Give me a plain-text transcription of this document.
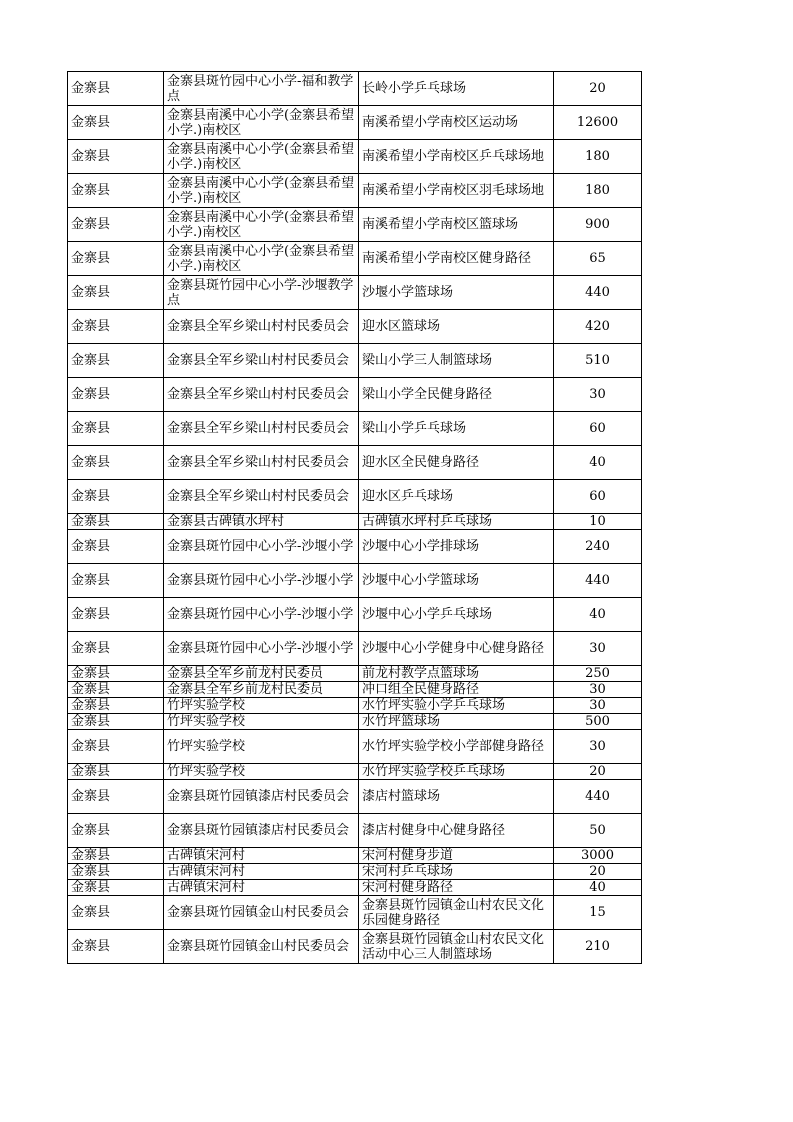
金寨县	金寨县斑竹园中心小学-福和教学点	长岭小学乒乓球场	20
金寨县	金寨县南溪中心小学(金寨县希望小学.)南校区	南溪希望小学南校区运动场	12600
金寨县	金寨县南溪中心小学(金寨县希望小学.)南校区	南溪希望小学南校区乒乓球场地	180
金寨县	金寨县南溪中心小学(金寨县希望小学.)南校区	南溪希望小学南校区羽毛球场地	180
金寨县	金寨县南溪中心小学(金寨县希望小学.)南校区	南溪希望小学南校区篮球场	900
金寨县	金寨县南溪中心小学(金寨县希望小学.)南校区	南溪希望小学南校区健身路径	65
金寨县	金寨县斑竹园中心小学-沙堰教学点	沙堰小学篮球场	440
金寨县	金寨县全军乡梁山村村民委员会	迎水区篮球场	420
金寨县	金寨县全军乡梁山村村民委员会	梁山小学三人制篮球场	510
金寨县	金寨县全军乡梁山村村民委员会	梁山小学全民健身路径	30
金寨县	金寨县全军乡梁山村村民委员会	梁山小学乒乓球场	60
金寨县	金寨县全军乡梁山村村民委员会	迎水区全民健身路径	40
金寨县	金寨县全军乡梁山村村民委员会	迎水区乒乓球场	60
金寨县	金寨县古碑镇水坪村	古碑镇水坪村乒乓球场	10
金寨县	金寨县斑竹园中心小学-沙堰小学	沙堰中心小学排球场	240
金寨县	金寨县斑竹园中心小学-沙堰小学	沙堰中心小学篮球场	440
金寨县	金寨县斑竹园中心小学-沙堰小学	沙堰中心小学乒乓球场	40
金寨县	金寨县斑竹园中心小学-沙堰小学	沙堰中心小学健身中心健身路径	30
金寨县	金寨县全军乡前龙村民委员	前龙村教学点篮球场	250
金寨县	金寨县全军乡前龙村民委员	冲口组全民健身路径	30
金寨县	竹坪实验学校	水竹坪实验小学乒乓球场	30
金寨县	竹坪实验学校	水竹坪篮球场	500
金寨县	竹坪实验学校	水竹坪实验学校小学部健身路径	30
金寨县	竹坪实验学校	水竹坪实验学校乒乓球场	20
金寨县	金寨县斑竹园镇漆店村民委员会	漆店村篮球场	440
金寨县	金寨县斑竹园镇漆店村民委员会	漆店村健身中心健身路径	50
金寨县	古碑镇宋河村	宋河村健身步道	3000
金寨县	古碑镇宋河村	宋河村乒乓球场	20
金寨县	古碑镇宋河村	宋河村健身路径	40
金寨县	金寨县斑竹园镇金山村民委员会	金寨县斑竹园镇金山村农民文化乐园健身路径	15
金寨县	金寨县斑竹园镇金山村民委员会	金寨县斑竹园镇金山村农民文化活动中心三人制篮球场	210
